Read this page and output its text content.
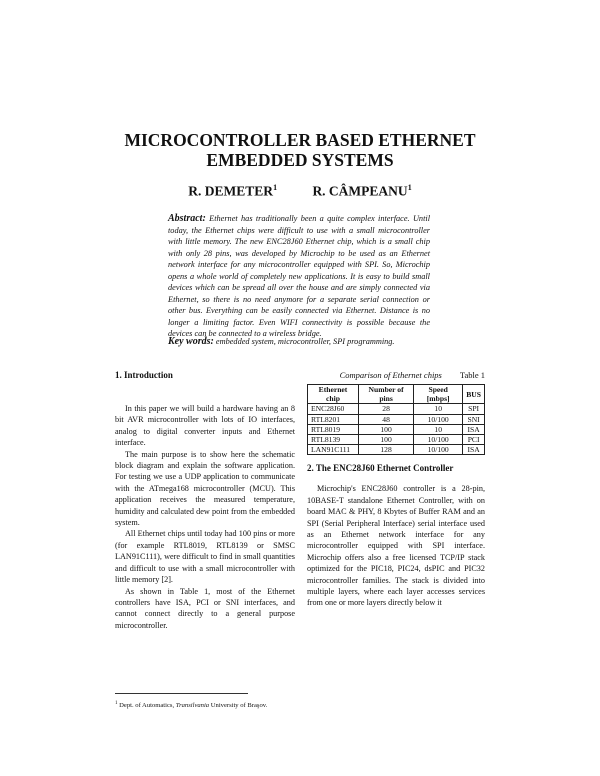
MICROCONTROLLER BASED ETHERNET
EMBEDDED SYSTEMS
R. DEMETER$^1$	R. CÂMPEANU$^1$

Abstract: Ethernet has traditionally been a quite complex interface. Until today, the Ethernet chips were difficult to use with a small microcontroller with little memory. The new ENC28J60 Ethernet chip, which is a small chip with only 28 pins, was developed by Microchip to be used as an Ethernet network interface for any microcontroller equipped with SPI. So, Microchip opens a whole world of completely new applications. It is easy to build small devices which can be spread all over the house and are simply connected via Ethernet, so there is no need anymore for a separate serial connection or other bus. Everything can be easily connected via Ethernet. Distance is no longer a limiting factor. Even WIFI connectivity is possible because the devices can be connected to a wireless bridge.

Key words: embedded system, microcontroller, SPI programming.

1. Introduction

In this paper we will build a hardware having an 8 bit AVR microcontroller with lots of IO interfaces, analog to digital converter inputs and Ethernet interface.

The main purpose is to show here the schematic block diagram and explain the software application. For testing we use a UDP application to communicate with the ATmega168 microcontroller (MCU). This application receives the measured temperature, humidity and calculated dew point from the embedded system.

All Ethernet chips until today had 100 pins or more (for example RTL8019, RTL8139 or SMSC LAN91C111), were difficult to find in small quantities and difficult to use with a small microcontroller with little memory [2].

As shown in Table 1, most of the Ethernet controllers have ISA, PCI or SNI interfaces, and cannot connect directly to a general purpose microcontroller.

Comparison of Ethernet chips Table 1
Ethernet chip	Number of pins	Speed [mbps]	BUS
ENC28J60	28	10	SPI
RTL8201	48	10/100	SNI
RTL8019	100	10	ISA
RTL8139	100	10/100	PCI
LAN91C111	128	10/100	ISA
2. The ENC28J60 Ethernet Controller

Microchip's ENC28J60 controller is a 28-pin, 10BASE-T standalone Ethernet Controller, with on board MAC & PHY, 8 Kbytes of Buffer RAM and an SPI (Serial Peripheral Interface) serial interface used as an Ethernet network interface for any microcontroller equipped with SPI interface. Microchip offers also a free licensed TCP/IP stack optimized for the PIC18, PIC24, dsPIC and PIC32 microcontroller families. The stack is divided into multiple layers, where each layer accesses services from one or more layers directly below it

$^1$ Dept. of Automatics, Transilvania University of Braşov.
